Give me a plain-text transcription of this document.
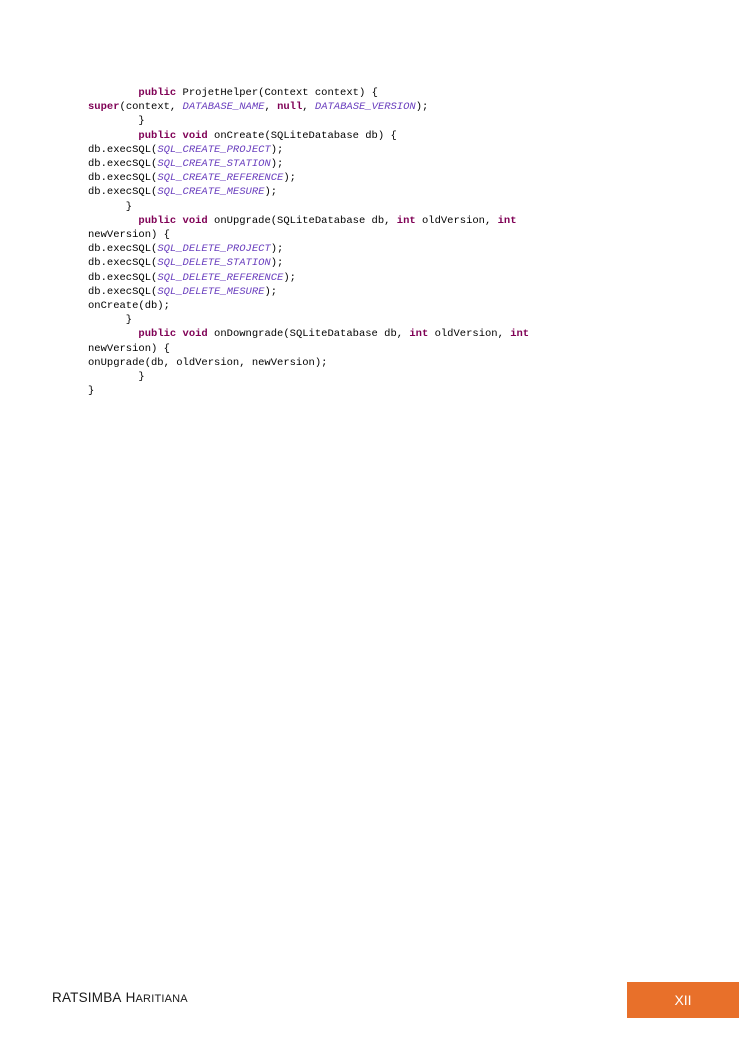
public ProjetHelper(Context context) {
super(context, DATABASE_NAME, null, DATABASE_VERSION);
}
public void onCreate(SQLiteDatabase db) {
db.execSQL(SQL_CREATE_PROJECT);
db.execSQL(SQL_CREATE_STATION);
db.execSQL(SQL_CREATE_REFERENCE);
db.execSQL(SQL_CREATE_MESURE);
}
public void onUpgrade(SQLiteDatabase db, int oldVersion, int
newVersion) {
db.execSQL(SQL_DELETE_PROJECT);
db.execSQL(SQL_DELETE_STATION);
db.execSQL(SQL_DELETE_REFERENCE);
db.execSQL(SQL_DELETE_MESURE);
onCreate(db);
}
public void onDowngrade(SQLiteDatabase db, int oldVersion, int
newVersion) {
onUpgrade(db, oldVersion, newVersion);
}
}
RATSIMBA HARITIANA	XII
